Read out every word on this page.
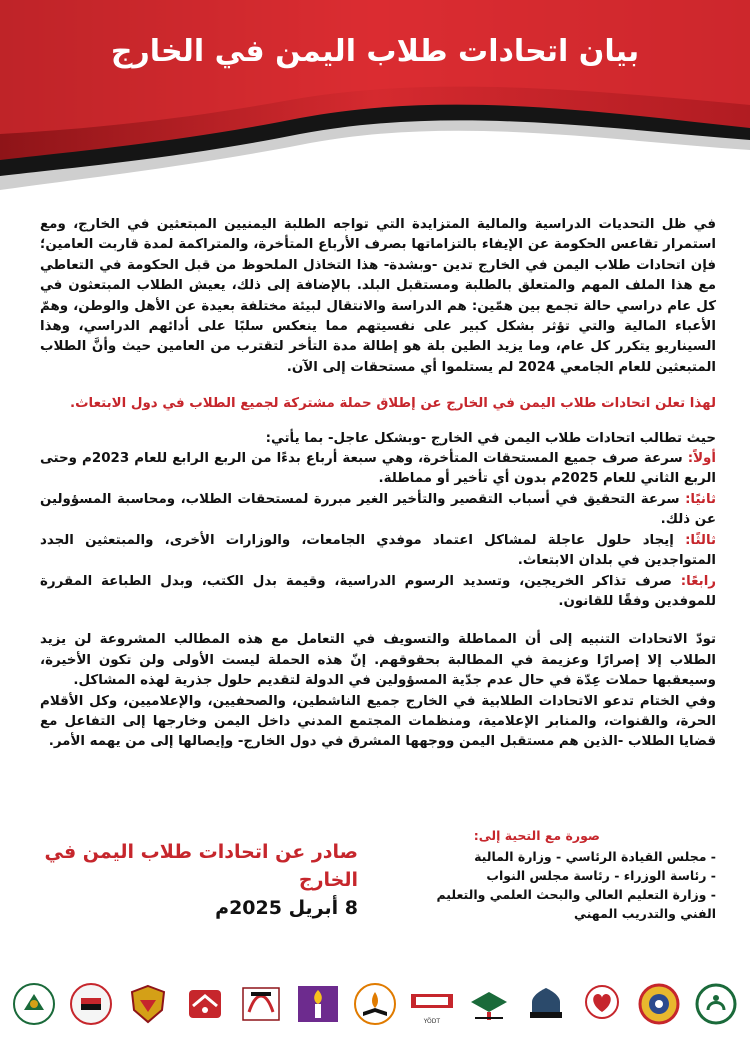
بيان اتحادات طلاب اليمن في الخارج

في ظل التحديات الدراسية والمالية المتزايدة التي تواجه الطلبة اليمنيين المبتعثين في الخارج، ومع استمرار تقاعس الحكومة عن الإيفاء بالتزاماتها بصرف الأرباع المتأخرة، والمتراكمة لمدة قاربت العامين؛ فإن اتحادات طلاب اليمن في الخارج تدين -وبشدة- هذا التخاذل الملحوظ من قبل الحكومة في التعاطي مع هذا الملف المهم والمتعلق بالطلبة ومستقبل البلد. بالإضافة إلى ذلك، يعيش الطلاب المبتعثون في كل عام دراسي حالة تجمع بين همّين: هم الدراسة والانتقال لبيئة مختلفة بعيدة عن الأهل والوطن، وهمّ الأعباء المالية والتي تؤثر بشكل كبير على نفسيتهم مما ينعكس سلبًا على أدائهم الدراسي، وهذا السيناريو يتكرر كل عام، وما يزيد الطين بلة هو إطالة مدة التأخر لتقترب من العامين حيث وأنَّ الطلاب المتبعثين للعام الجامعي 2024 لم يستلموا أي مستحقات إلى الآن.

لهذا تعلن اتحادات طلاب اليمن في الخارج عن إطلاق حملة مشتركة لجميع الطلاب في دول الابتعاث.

حيث تطالب اتحادات طلاب اليمن في الخارج -وبشكل عاجل- بما يأتي:

أولاً: سرعة صرف جميع المستحقات المتأخرة، وهي سبعة أرباع بدءًا من الربع الرابع للعام 2023م وحتى الربع الثاني للعام 2025م بدون أي تأخير أو مماطلة.

ثانيًا: سرعة التحقيق في أسباب التقصير والتأخير الغير مبررة لمستحقات الطلاب، ومحاسبة المسؤولين عن ذلك.

ثالثًا: إيجاد حلول عاجلة لمشاكل اعتماد موفدي الجامعات، والوزارات الأخرى، والمبتعثين الجدد المتواجدين في بلدان الابتعاث.

رابعًا: صرف تذاكر الخريجين، وتسديد الرسوم الدراسية، وقيمة بدل الكتب، وبدل الطباعة المقررة للموفدين وفقًا للقانون.

تودّ الاتحادات التنبيه إلى أن المماطلة والتسويف في التعامل مع هذه المطالب المشروعة لن يزيد الطلاب إلا إصرارًا وعزيمة في المطالبة بحقوقهم. إنّ هذه الحملة ليست الأولى ولن تكون الأخيرة، وسيعقبها حملات عِدّة في حال عدم جدّية المسؤولين في الدولة لتقديم حلول جذرية لهذه المشاكل.

وفي الختام تدعو الاتحادات الطلابية في الخارج جميع الناشطين، والصحفيين، والإعلاميين، وكل الأقلام الحرة، والقنوات، والمنابر الإعلامية، ومنظمات المجتمع المدني داخل اليمن وخارجها إلى التفاعل مع قضايا الطلاب -الذين هم مستقبل اليمن ووجهها المشرق في دول الخارج- وإيصالها إلى من يهمه الأمر.

صورة مع التحية إلى:
- مجلس القيادة الرئاسي - وزارة المالية
- رئاسة الوزراء - رئاسة مجلس النواب
- وزارة التعليم العالي والبحث العلمي والتعليم الفني والتدريب المهني
صادر عن اتحادات طلاب اليمن في الخارج
8 أبريل 2025م
YÖDT
